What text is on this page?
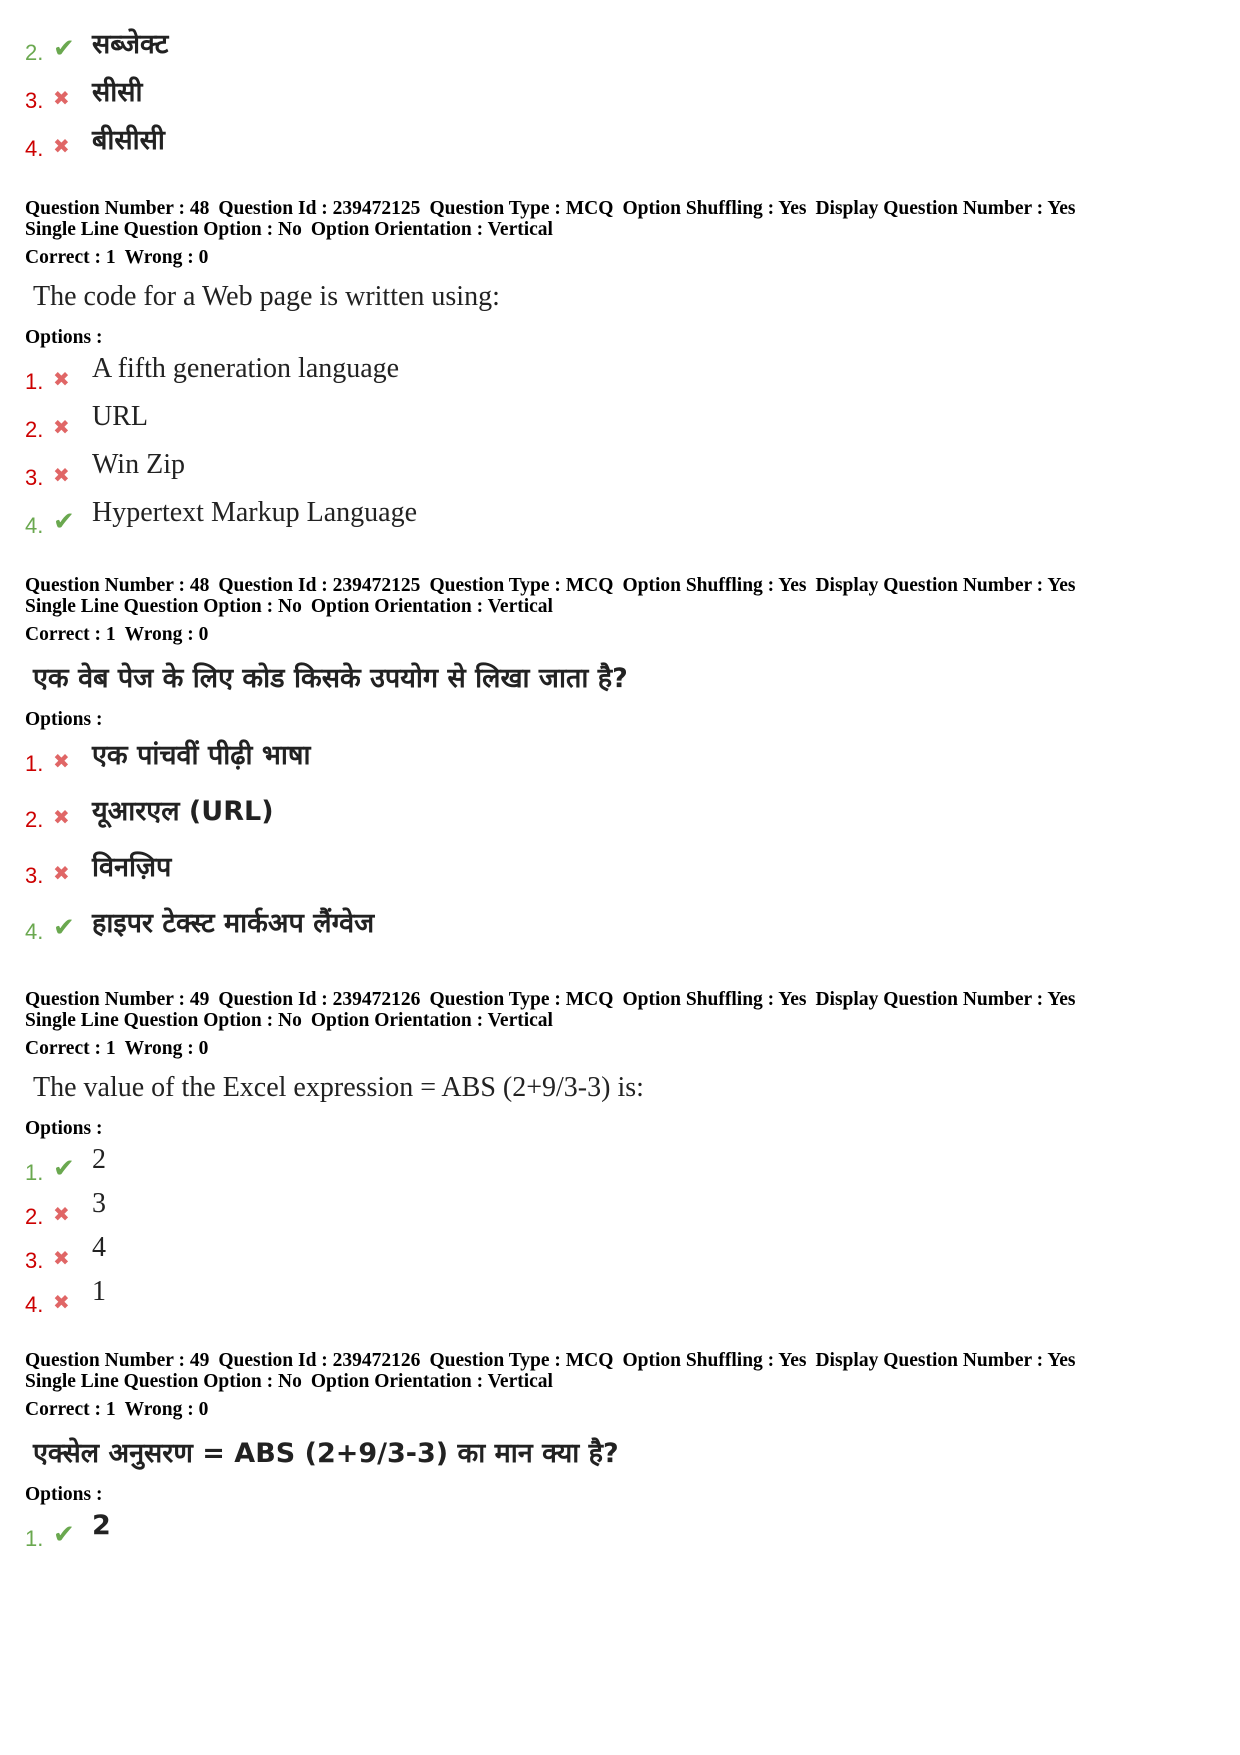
2. ✔ सब्जेक्ट
3. ✖ सीसी
4. ✖ बीसीसी
Question Number : 48 Question Id : 239472125 Question Type : MCQ Option Shuffling : Yes Display Question Number : Yes
Single Line Question Option : No Option Orientation : Vertical
Correct : 1 Wrong : 0
The code for a Web page is written using:
Options :
1. ✖ A fifth generation language
2. ✖ URL
3. ✖ Win Zip
4. ✔ Hypertext Markup Language
Question Number : 48 Question Id : 239472125 Question Type : MCQ Option Shuffling : Yes Display Question Number : Yes
Single Line Question Option : No Option Orientation : Vertical
Correct : 1 Wrong : 0
एक वेब पेज के लिए कोड किसके उपयोग से लिखा जाता है?
Options :
1. ✖ एक पांचवीं पीढ़ी भाषा
2. ✖ यूआरएल (URL)
3. ✖ विनज़िप
4. ✔ हाइपर टेक्स्ट मार्कअप लैंग्वेज
Question Number : 49 Question Id : 239472126 Question Type : MCQ Option Shuffling : Yes Display Question Number : Yes
Single Line Question Option : No Option Orientation : Vertical
Correct : 1 Wrong : 0
The value of the Excel expression = ABS (2+9/3-3) is:
Options :
1. ✔ 2
2. ✖ 3
3. ✖ 4
4. ✖ 1
Question Number : 49 Question Id : 239472126 Question Type : MCQ Option Shuffling : Yes Display Question Number : Yes
Single Line Question Option : No Option Orientation : Vertical
Correct : 1 Wrong : 0
एक्सेल अनुसरण = ABS (2+9/3-3) का मान क्या है?
Options :
1. ✔ 2
